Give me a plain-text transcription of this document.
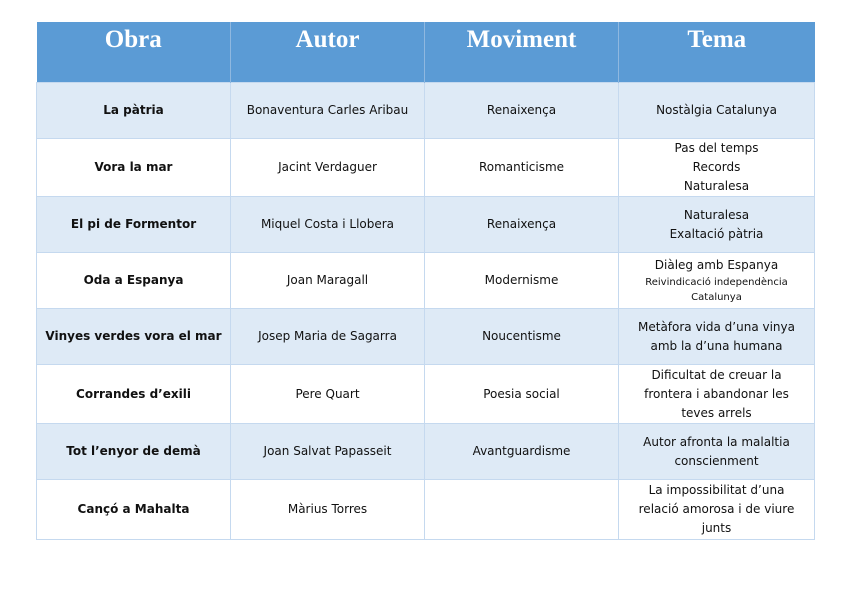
Obra	Autor	Moviment	Tema
La pàtria	Bonaventura Carles Aribau	Renaixença	Nostàlgia Catalunya

Vora la mar	Jacint Verdaguer	Romanticisme	Pas del temps
Records
Naturalesa

El pi de Formentor	Miquel Costa i Llobera	Renaixença	Naturalesa
Exaltació pàtria

Oda a Espanya	Joan Maragall	Modernisme	Diàleg amb Espanya
Reivindicació independència
Catalunya

Vinyes verdes vora el mar	Josep Maria de Sagarra	Noucentisme	Metàfora vida d’una vinya
amb la d’una humana

Corrandes d’exili	Pere Quart	Poesia social	Dificultat de creuar la
frontera i abandonar les
teves arrels

Tot l’enyor de demà	Joan Salvat Papasseit	Avantguardisme	Autor afronta la malaltia
conscienment

Cançó a Mahalta	Màrius Torres		La impossibilitat d’una
relació amorosa i de viure
junts
